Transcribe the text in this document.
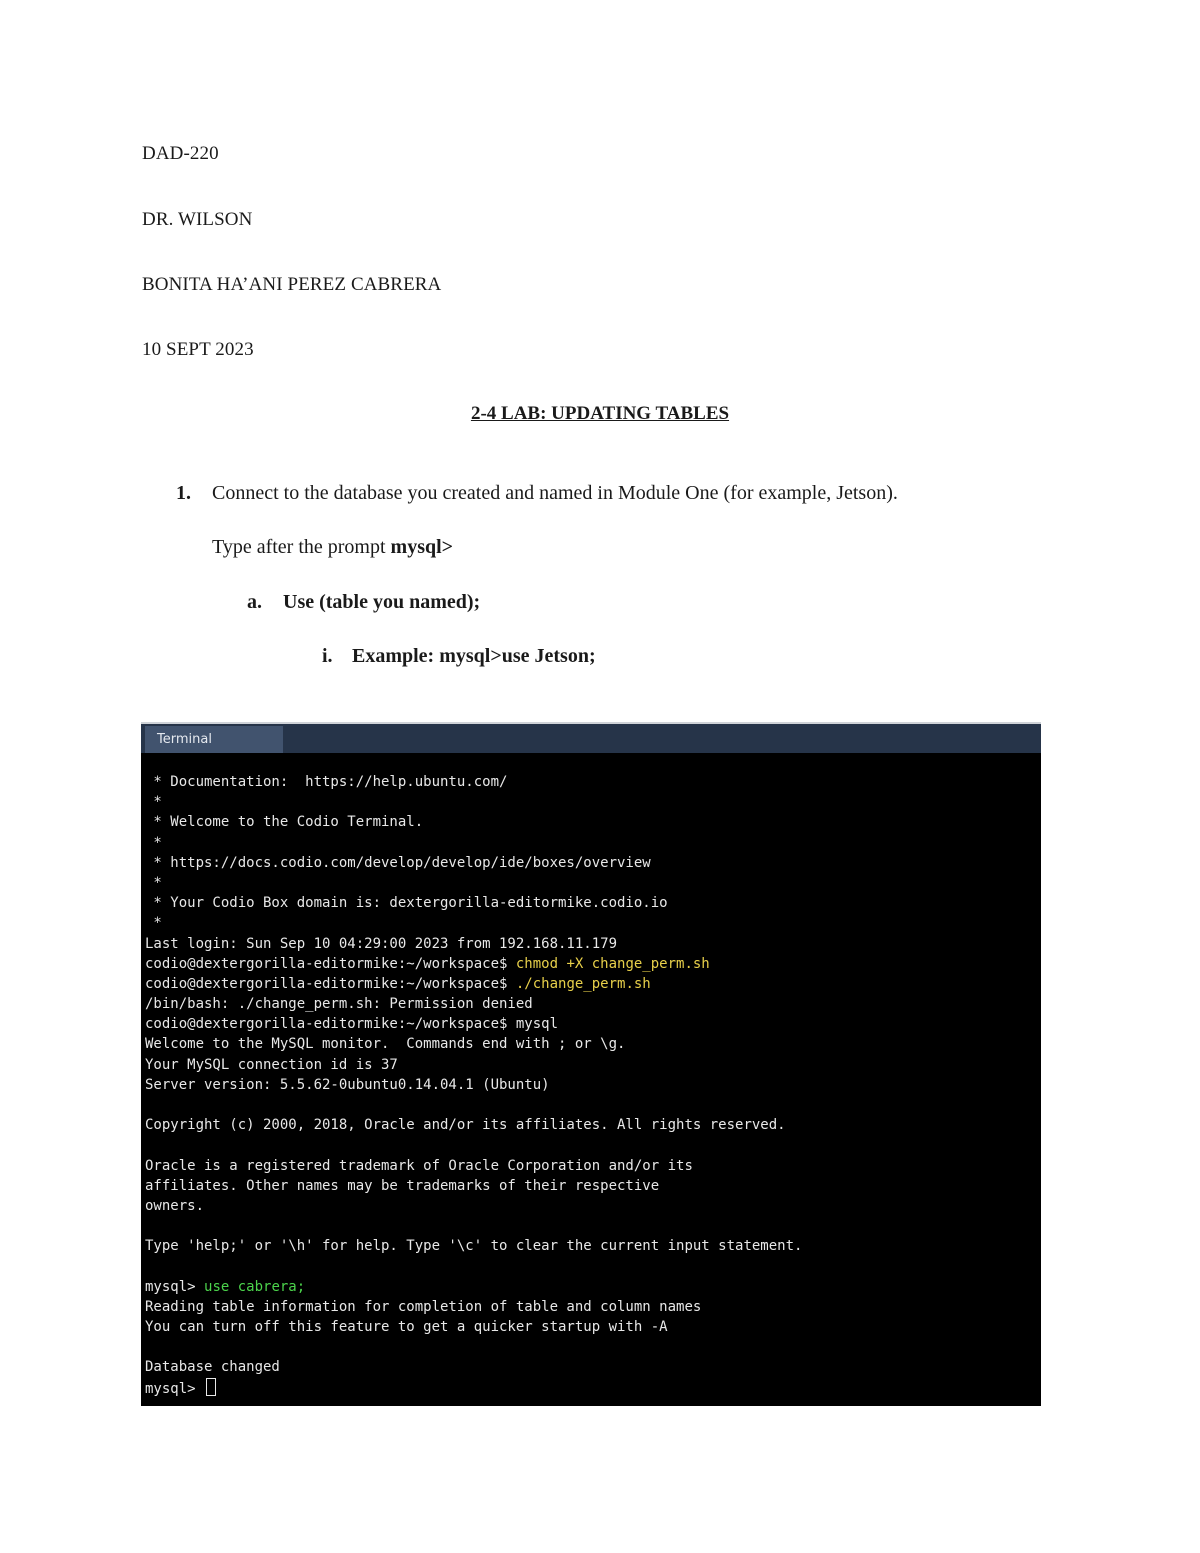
DAD-220
DR. WILSON
BONITA HA’ANI PEREZ CABRERA
10 SEPT 2023
2-4 LAB: UPDATING TABLES
1. Connect to the database you created and named in Module One (for example, Jetson).
Type after the prompt mysql>
a. Use (table you named);
i. Example: mysql>use Jetson;
Terminal
* Documentation:  https://help.ubuntu.com/
*
* Welcome to the Codio Terminal.
*
* https://docs.codio.com/develop/develop/ide/boxes/overview
*
* Your Codio Box domain is: dextergorilla-editormike.codio.io
*
Last login: Sun Sep 10 04:29:00 2023 from 192.168.11.179
codio@dextergorilla-editormike:~/workspace$ chmod +X change_perm.sh
codio@dextergorilla-editormike:~/workspace$ ./change_perm.sh
/bin/bash: ./change_perm.sh: Permission denied
codio@dextergorilla-editormike:~/workspace$ mysql
Welcome to the MySQL monitor.  Commands end with ; or \g.
Your MySQL connection id is 37
Server version: 5.5.62-0ubuntu0.14.04.1 (Ubuntu)
Copyright (c) 2000, 2018, Oracle and/or its affiliates. All rights reserved.
Oracle is a registered trademark of Oracle Corporation and/or its
affiliates. Other names may be trademarks of their respective
owners.
Type 'help;' or '\h' for help. Type '\c' to clear the current input statement.
mysql> use cabrera;
Reading table information for completion of table and column names
You can turn off this feature to get a quicker startup with -A
Database changed
mysql>
